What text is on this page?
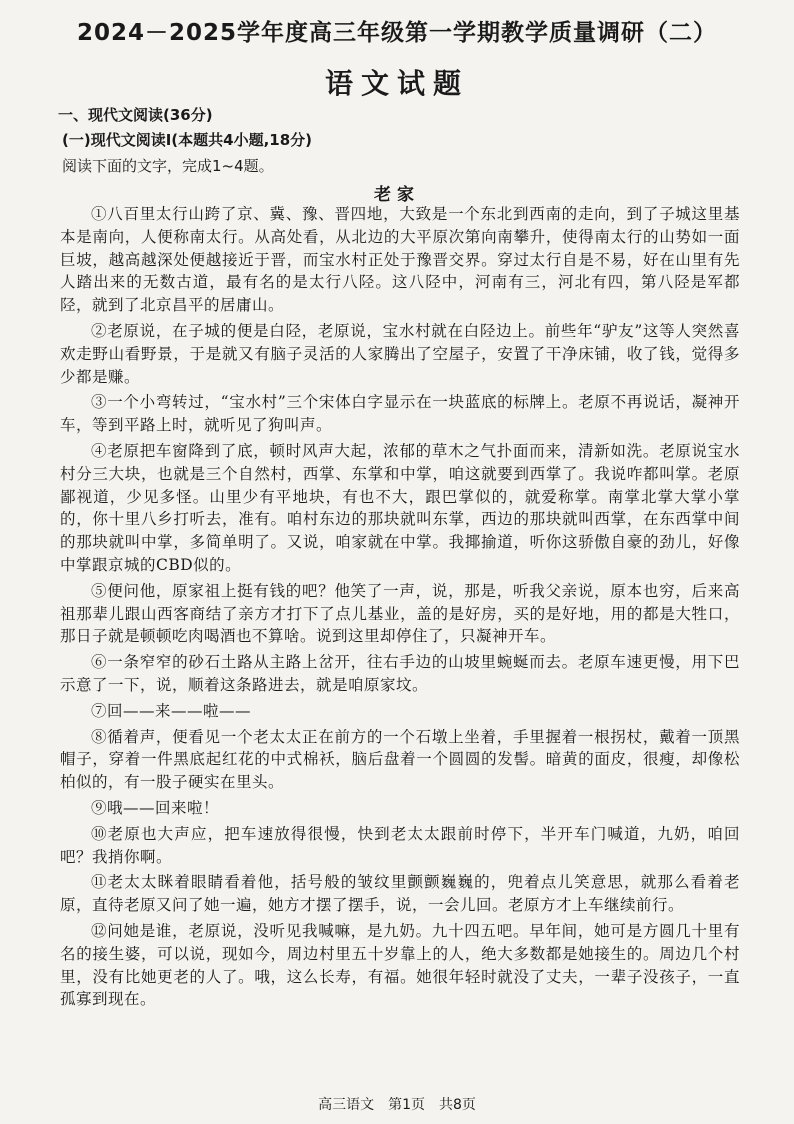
2024－2025学年度高三年级第一学期教学质量调研（二）
语文试题
一、现代文阅读(36分)
(一)现代文阅读I(本题共4小题,18分)
阅读下面的文字，完成1~4题。
老家

①八百里太行山跨了京、冀、豫、晋四地，大致是一个东北到西南的走向，到了子城这里基本是南向，人便称南太行。从高处看，从北边的大平原次第向南攀升，使得南太行的山势如一面巨坡，越高越深处便越接近于晋，而宝水村正处于豫晋交界。穿过太行自是不易，好在山里有先人踏出来的无数古道，最有名的是太行八陉。这八陉中，河南有三，河北有四，第八陉是军都陉，就到了北京昌平的居庸山。

②老原说，在子城的便是白陉，老原说，宝水村就在白陉边上。前些年“驴友”这等人突然喜欢走野山看野景，于是就又有脑子灵活的人家腾出了空屋子，安置了干净床铺，收了钱，觉得多少都是赚。

③一个小弯转过，“宝水村”三个宋体白字显示在一块蓝底的标牌上。老原不再说话，凝神开车，等到平路上时，就听见了狗叫声。

④老原把车窗降到了底，顿时风声大起，浓郁的草木之气扑面而来，清新如洗。老原说宝水村分三大块，也就是三个自然村，西掌、东掌和中掌，咱这就要到西掌了。我说咋都叫掌。老原鄙视道，少见多怪。山里少有平地块，有也不大，跟巴掌似的，就爱称掌。南掌北掌大掌小掌的，你十里八乡打听去，准有。咱村东边的那块就叫东掌，西边的那块就叫西掌，在东西掌中间的那块就叫中掌，多简单明了。又说，咱家就在中掌。我揶揄道，听你这骄傲自豪的劲儿，好像中掌跟京城的CBD似的。

⑤便问他，原家祖上挺有钱的吧？他笑了一声，说，那是，听我父亲说，原本也穷，后来高祖那辈儿跟山西客商结了亲方才打下了点儿基业，盖的是好房，买的是好地，用的都是大牲口，那日子就是顿顿吃肉喝酒也不算啥。说到这里却停住了，只凝神开车。

⑥一条窄窄的砂石土路从主路上岔开，往右手边的山坡里蜿蜒而去。老原车速更慢，用下巴示意了一下，说，顺着这条路进去，就是咱原家坟。

⑦回——来——啦——

⑧循着声，便看见一个老太太正在前方的一个石墩上坐着，手里握着一根拐杖，戴着一顶黑帽子，穿着一件黑底起红花的中式棉袄，脑后盘着一个圆圆的发髻。暗黄的面皮，很瘦，却像松柏似的，有一股子硬实在里头。

⑨哦——回来啦！

⑩老原也大声应，把车速放得很慢，快到老太太跟前时停下，半开车门喊道，九奶，咱回吧？我捎你啊。

⑪老太太眯着眼睛看着他，括号般的皱纹里颤颤巍巍的，兜着点儿笑意思，就那么看着老原，直待老原又问了她一遍，她方才摆了摆手，说，一会儿回。老原方才上车继续前行。

⑫问她是谁，老原说，没听见我喊嘛，是九奶。九十四五吧。早年间，她可是方圆几十里有名的接生婆，可以说，现如今，周边村里五十岁靠上的人，绝大多数都是她接生的。周边几个村里，没有比她更老的人了。哦，这么长寿，有福。她很年轻时就没了丈夫，一辈子没孩子，一直孤寡到现在。

高三语文　第1页　共8页
